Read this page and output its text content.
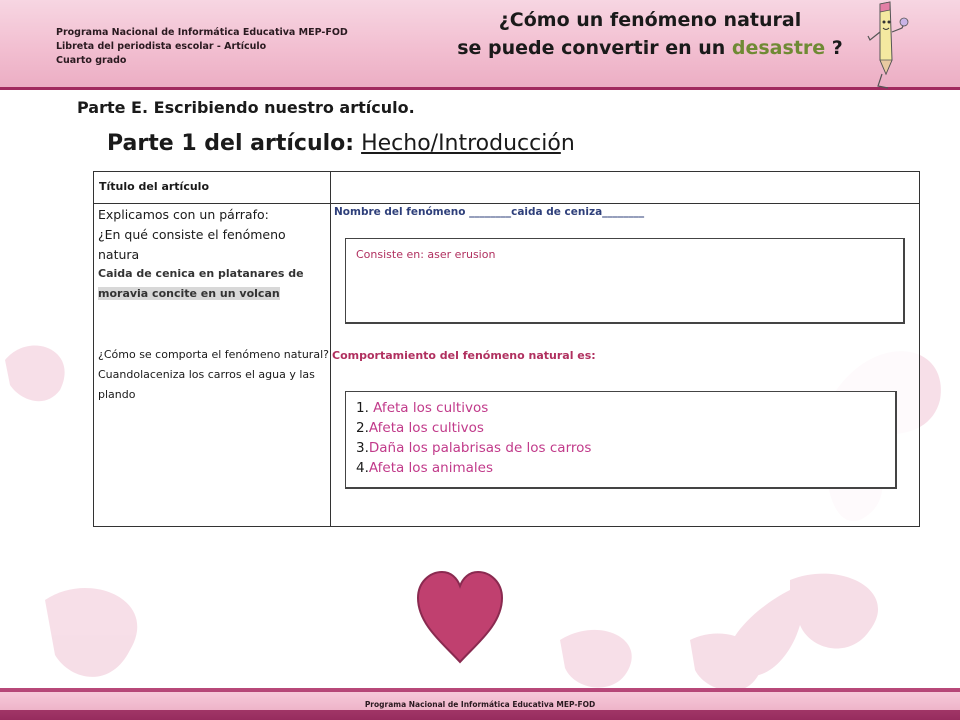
Programa Nacional de Informática Educativa MEP-FOD
Libreta del periodista escolar - Artículo
Cuarto grado
¿Cómo un fenómeno natural
se puede convertir en un desastre ?
Parte E. Escribiendo nuestro artículo.
Parte 1 del artículo: Hecho/Introducción
Título del artículo
Explicamos con un párrafo:
¿En qué consiste el fenómeno natura
Caida de cenica en platanares de
moravia concite en un volcan
¿Cómo se comporta el fenómeno natural? Cuandolaceniza los carros el agua y las plando
Nombre del fenómeno ________caida de ceniza________
Consiste en: aser erusion
Comportamiento del fenómeno natural es:
1. Afeta los cultivos
2.Afeta los cultivos
3.Daña los palabrisas de los carros
4.Afeta los animales
Programa Nacional de Informática Educativa MEP-FOD
